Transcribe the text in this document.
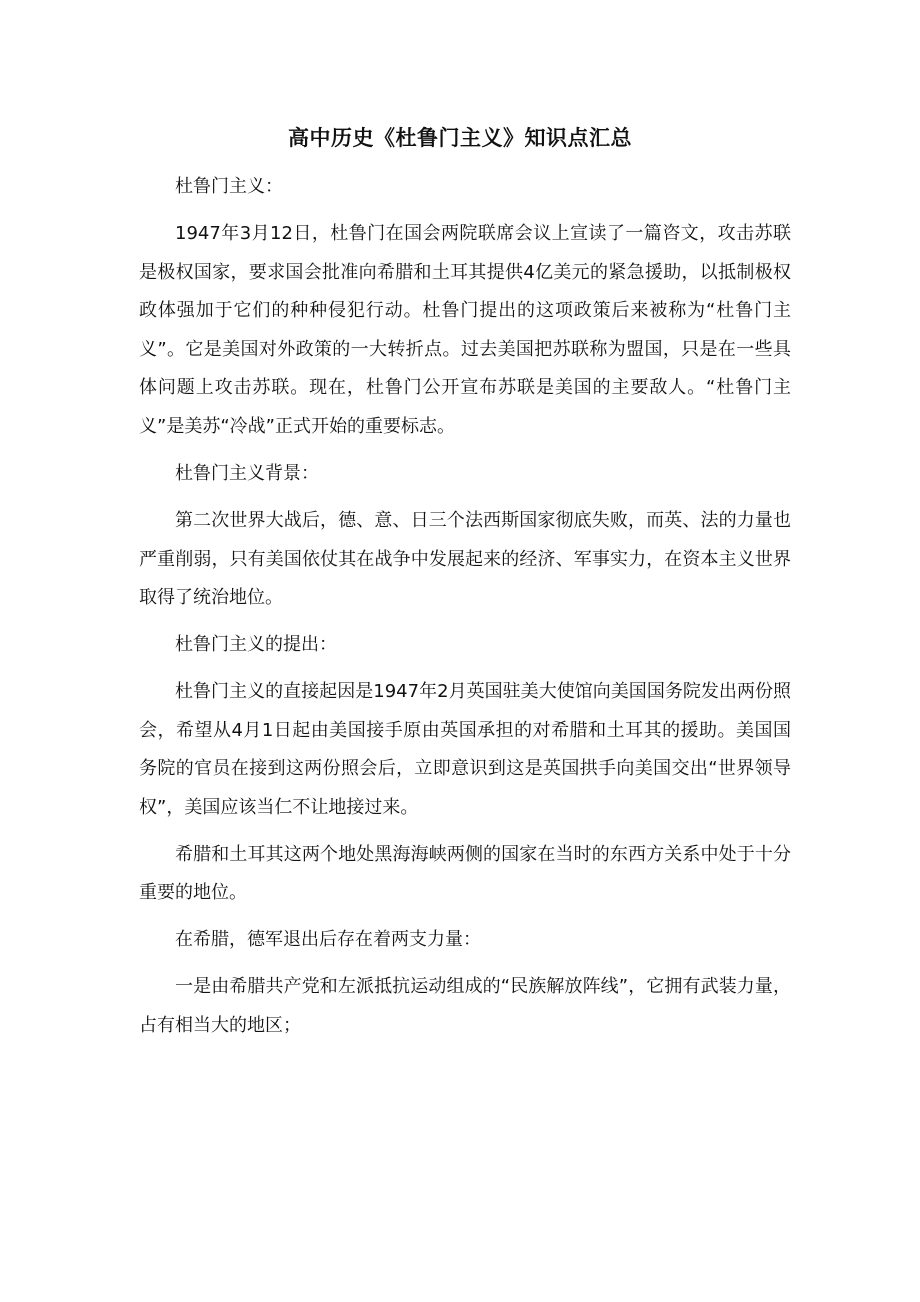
高中历史《杜鲁门主义》知识点汇总

杜鲁门主义：

1947年3月12日，杜鲁门在国会两院联席会议上宣读了一篇咨文，攻击苏联是极权国家，要求国会批准向希腊和土耳其提供4亿美元的紧急援助，以抵制极权政体强加于它们的种种侵犯行动。杜鲁门提出的这项政策后来被称为“杜鲁门主义”。它是美国对外政策的一大转折点。过去美国把苏联称为盟国，只是在一些具体问题上攻击苏联。现在，杜鲁门公开宣布苏联是美国的主要敌人。“杜鲁门主义”是美苏“冷战”正式开始的重要标志。

杜鲁门主义背景：

第二次世界大战后，德、意、日三个法西斯国家彻底失败，而英、法的力量也严重削弱，只有美国依仗其在战争中发展起来的经济、军事实力，在资本主义世界取得了统治地位。

杜鲁门主义的提出：

杜鲁门主义的直接起因是1947年2月英国驻美大使馆向美国国务院发出两份照会，希望从4月1日起由美国接手原由英国承担的对希腊和土耳其的援助。美国国务院的官员在接到这两份照会后，立即意识到这是英国拱手向美国交出“世界领导权”，美国应该当仁不让地接过来。

希腊和土耳其这两个地处黑海海峡两侧的国家在当时的东西方关系中处于十分重要的地位。

在希腊，德军退出后存在着两支力量：

一是由希腊共产党和左派抵抗运动组成的“民族解放阵线”，它拥有武装力量，占有相当大的地区；
